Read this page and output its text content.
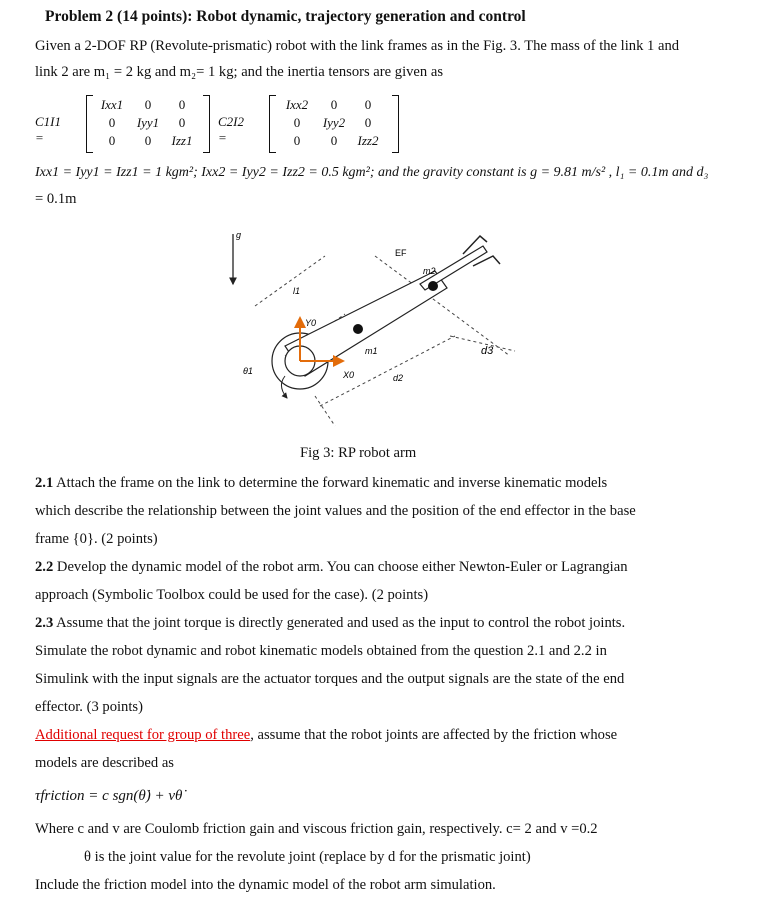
Problem 2 (14 points): Robot dynamic, trajectory generation and control
Given a 2-DOF RP (Revolute-prismatic) robot with the link frames as in the Fig. 3. The mass of the link 1 and
link 2 are m₁ = 2 kg and m₂= 1 kg; and the inertia tensors are given as
C1I1 =
Ixx1	0	0
0	Iyy1	0
0	0	Izz1
C2I2 =
Ixx2	0	0
0	Iyy2	0
0	0	Izz2
Ixx1 = Iyy1 = Izz1 = 1 kgm²; Ixx2 = Iyy2 = Izz2 = 0.5 kgm²; and the gravity constant is g = 9.81 m/s² , l₁ = 0.1m and d₃
= 0.1m
g
EF
m2
l1
Y0
X0
m1
θ1
d2
d3
Fig 3: RP robot arm
2.1 Attach the frame on the link to determine the forward kinematic and inverse kinematic models
which describe the relationship between the joint values and the position of the end effector in the base
frame {0}. (2 points)
2.2 Develop the dynamic model of the robot arm. You can choose either Newton-Euler or Lagrangian
approach (Symbolic Toolbox could be used for the case). (2 points)
2.3 Assume that the joint torque is directly generated and used as the input to control the robot joints.
Simulate the robot dynamic and robot kinematic models obtained from the question 2.1 and 2.2 in
Simulink with the input signals are the actuator torques and the output signals are the state of the end
effector. (3 points)
Additional request for group of three, assume that the robot joints are affected by the friction whose
models are described as
τfriction = c sgn(θ̇) + vθ̇
Where c and v are Coulomb friction gain and viscous friction gain, respectively. c= 2 and v =0.2
θ is the joint value for the revolute joint (replace by d for the prismatic joint)
Include the friction model into the dynamic model of the robot arm simulation.
